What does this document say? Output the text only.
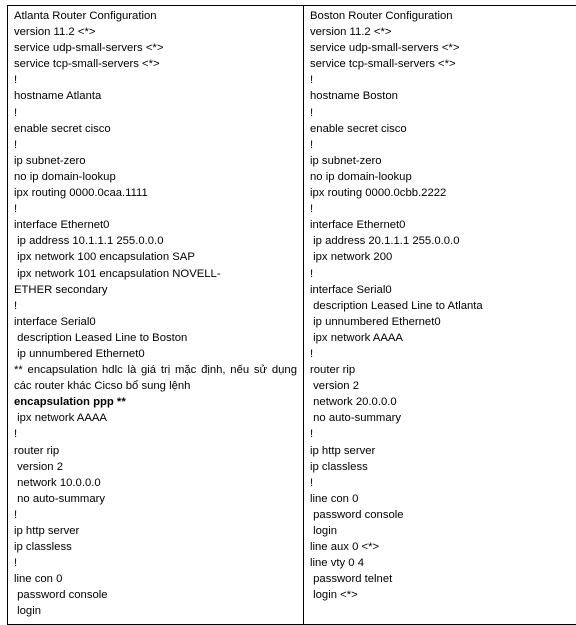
Atlanta Router Configuration
version 11.2 <*>
service udp-small-servers <*>
service tcp-small-servers <*>
!
hostname Atlanta
!
enable secret cisco
!
ip subnet-zero
no ip domain-lookup
ipx routing 0000.0caa.1111
!
interface Ethernet0
ip address 10.1.1.1 255.0.0.0
ipx network 100 encapsulation SAP
ipx network 101 encapsulation NOVELL-
ETHER secondary
!
interface Serial0
description Leased Line to Boston
ip unnumbered Ethernet0
** encapsulation hdlc là giá trị mặc định, nếu sử dụng các router khác Cicso bổ sung lệnh
encapsulation ppp **
ipx network AAAA
!
router rip
version 2
network 10.0.0.0
no auto-summary
!
ip http server
ip classless
!
line con 0
password console
login

Boston Router Configuration
version 11.2 <*>
service udp-small-servers <*>
service tcp-small-servers <*>
!
hostname Boston
!
enable secret cisco
!
ip subnet-zero
no ip domain-lookup
ipx routing 0000.0cbb.2222
!
interface Ethernet0
ip address 20.1.1.1 255.0.0.0
ipx network 200
!
interface Serial0
description Leased Line to Atlanta
ip unnumbered Ethernet0
ipx network AAAA
!
router rip
version 2
network 20.0.0.0
no auto-summary
!
ip http server
ip classless
!
line con 0
password console
login
line aux 0 <*>
line vty 0 4
password telnet
login <*>
